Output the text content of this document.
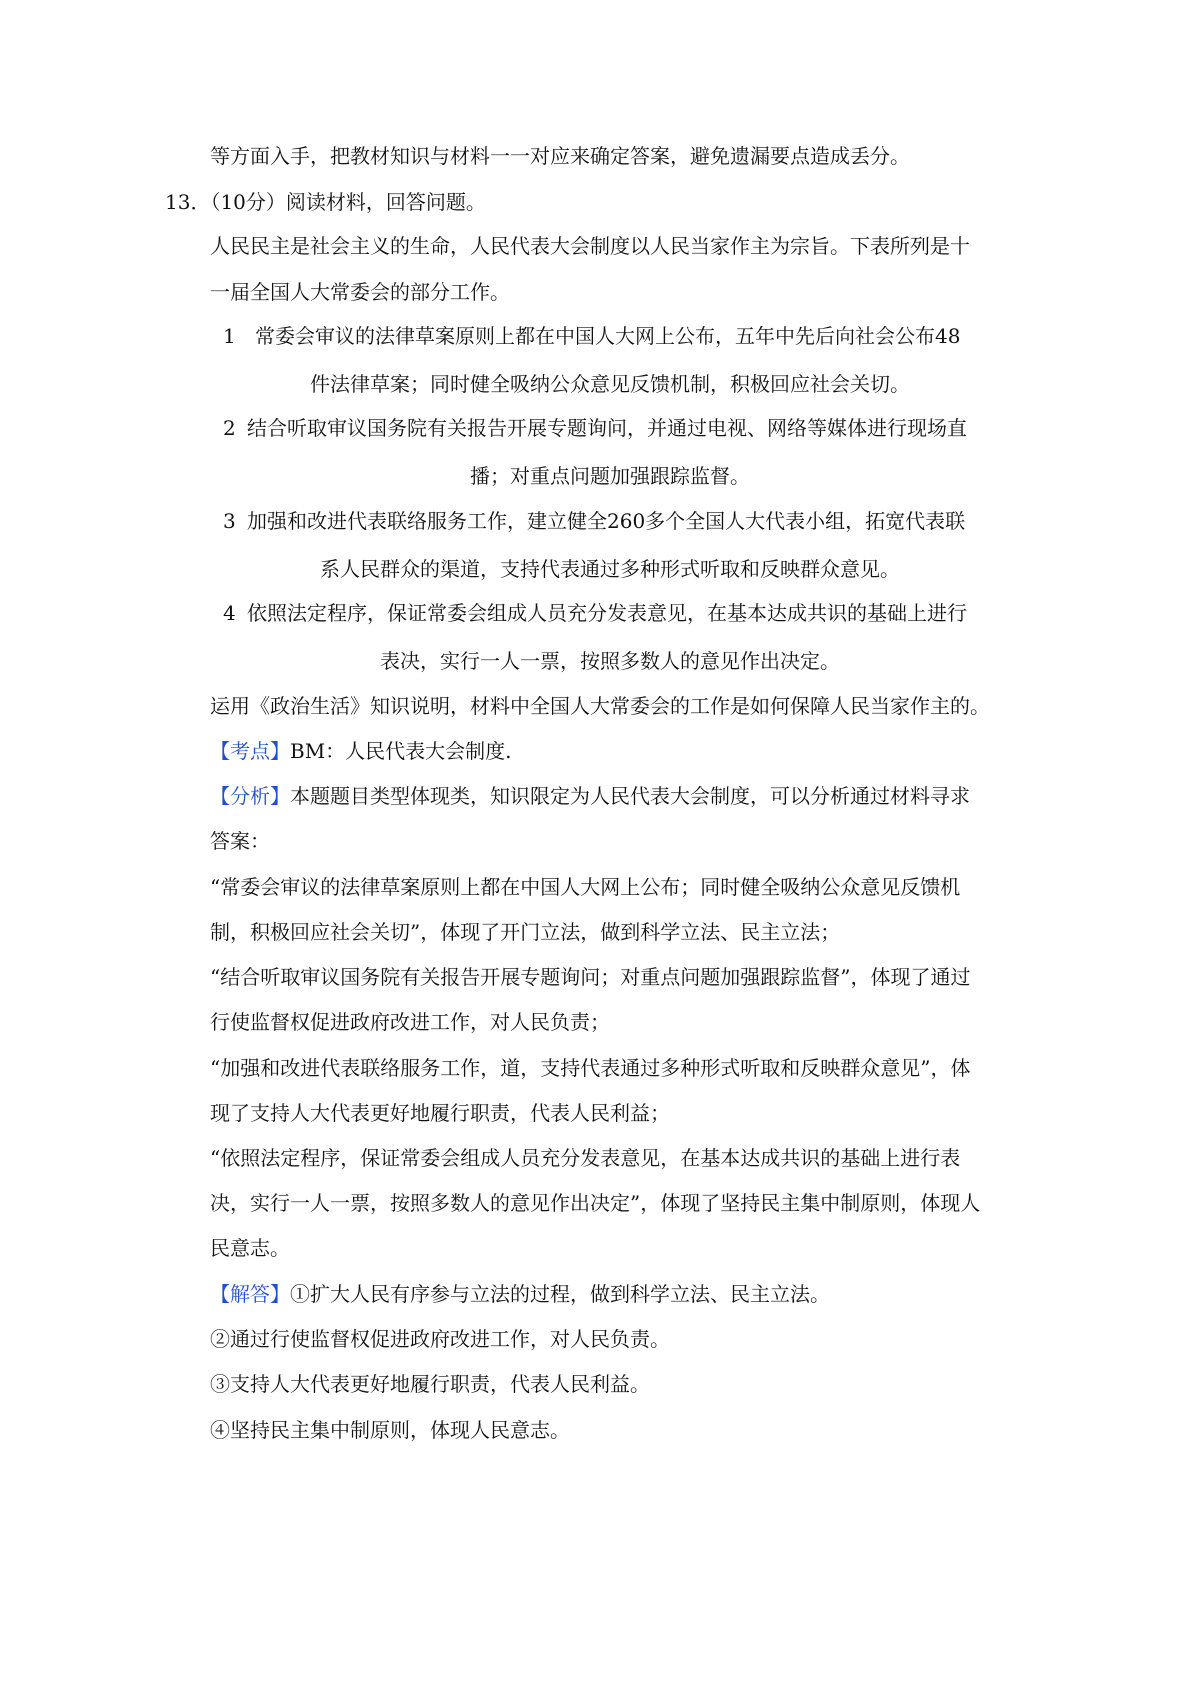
等方面入手，把教材知识与材料一一对应来确定答案，避免遗漏要点造成丢分。
13．（10分）阅读材料，回答问题。
人民民主是社会主义的生命，人民代表大会制度以人民当家作主为宗旨。下表所列是十
一届全国人大常委会的部分工作。
1 常委会审议的法律草案原则上都在中国人大网上公布，五年中先后向社会公布48
件法律草案；同时健全吸纳公众意见反馈机制，积极回应社会关切。
2 结合听取审议国务院有关报告开展专题询问，并通过电视、网络等媒体进行现场直
播；对重点问题加强跟踪监督。
3 加强和改进代表联络服务工作，建立健全260多个全国人大代表小组，拓宽代表联
系人民群众的渠道，支持代表通过多种形式听取和反映群众意见。
4 依照法定程序，保证常委会组成人员充分发表意见，在基本达成共识的基础上进行
表决，实行一人一票，按照多数人的意见作出决定。
运用《政治生活》知识说明，材料中全国人大常委会的工作是如何保障人民当家作主的。
【考点】BM：人民代表大会制度.
【分析】本题题目类型体现类，知识限定为人民代表大会制度，可以分析通过材料寻求
答案：
“常委会审议的法律草案原则上都在中国人大网上公布；同时健全吸纳公众意见反馈机
制，积极回应社会关切”，体现了开门立法，做到科学立法、民主立法；
“结合听取审议国务院有关报告开展专题询问；对重点问题加强跟踪监督”，体现了通过
行使监督权促进政府改进工作，对人民负责；
“加强和改进代表联络服务工作，道，支持代表通过多种形式听取和反映群众意见”，体
现了支持人大代表更好地履行职责，代表人民利益；
“依照法定程序，保证常委会组成人员充分发表意见，在基本达成共识的基础上进行表
决，实行一人一票，按照多数人的意见作出决定”，体现了坚持民主集中制原则，体现人
民意志。
【解答】①扩大人民有序参与立法的过程，做到科学立法、民主立法。
②通过行使监督权促进政府改进工作，对人民负责。
③支持人大代表更好地履行职责，代表人民利益。
④坚持民主集中制原则，体现人民意志。
